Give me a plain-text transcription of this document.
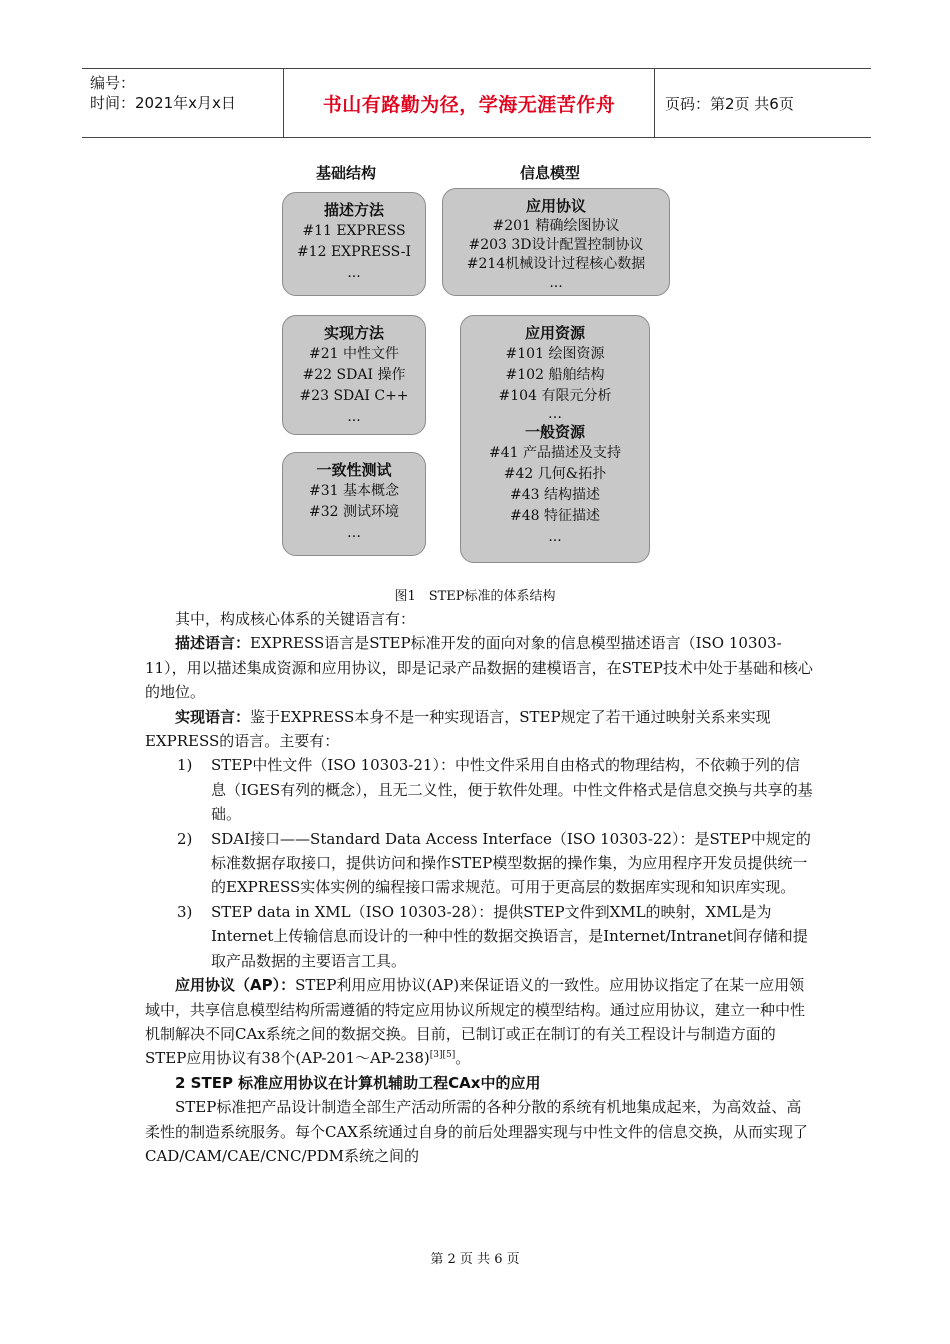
编号：
时间：2021年x月x日	书山有路勤为径，学海无涯苦作舟	页码：第2页 共6页
基础结构	信息模型
描述方法
#11 EXPRESS
#12 EXPRESS-I
...
实现方法
#21 中性文件
#22 SDAI 操作
#23 SDAI C++
...
一致性测试
#31 基本概念
#32 测试环境
…
应用协议
#201 精确绘图协议
#203 3D设计配置控制协议
#214机械设计过程核心数据
...
应用资源
#101 绘图资源
#102 船舶结构
#104 有限元分析
…
一般资源
#41 产品描述及支持
#42 几何&拓扑
#43 结构描述
#48 特征描述
...
图1　STEP标准的体系结构

其中，构成核心体系的关键语言有：

描述语言：EXPRESS语言是STEP标准开发的面向对象的信息模型描述语言（ISO 10303-11），用以描述集成资源和应用协议，即是记录产品数据的建模语言，在STEP技术中处于基础和核心的地位。

实现语言：鉴于EXPRESS本身不是一种实现语言，STEP规定了若干通过映射关系来实现EXPRESS的语言。主要有：

1)	STEP中性文件（ISO 10303-21）：中性文件采用自由格式的物理结构，不依赖于列的信息（IGES有列的概念），且无二义性，便于软件处理。中性文件格式是信息交换与共享的基础。
2)	SDAI接口——Standard Data Access Interface（ISO 10303-22）：是STEP中规定的标准数据存取接口，提供访问和操作STEP模型数据的操作集，为应用程序开发员提供统一的EXPRESS实体实例的编程接口需求规范。可用于更高层的数据库实现和知识库实现。
3)	STEP data in XML（ISO 10303-28）：提供STEP文件到XML的映射，XML是为Internet上传输信息而设计的一种中性的数据交换语言，是Internet/Intranet间存储和提取产品数据的主要语言工具。

应用协议（AP）：STEP利用应用协议(AP)来保证语义的一致性。应用协议指定了在某一应用领域中，共享信息模型结构所需遵循的特定应用协议所规定的模型结构。通过应用协议，建立一种中性机制解决不同CAx系统之间的数据交换。目前，已制订或正在制订的有关工程设计与制造方面的STEP应用协议有38个(AP-201～AP-238)[3][5]。

2 STEP 标准应用协议在计算机辅助工程CAx中的应用

STEP标准把产品设计制造全部生产活动所需的各种分散的系统有机地集成起来，为高效益、高柔性的制造系统服务。每个CAX系统通过自身的前后处理器实现与中性文件的信息交换，从而实现了CAD/CAM/CAE/CNC/PDM系统之间的

第 2 页 共 6 页
